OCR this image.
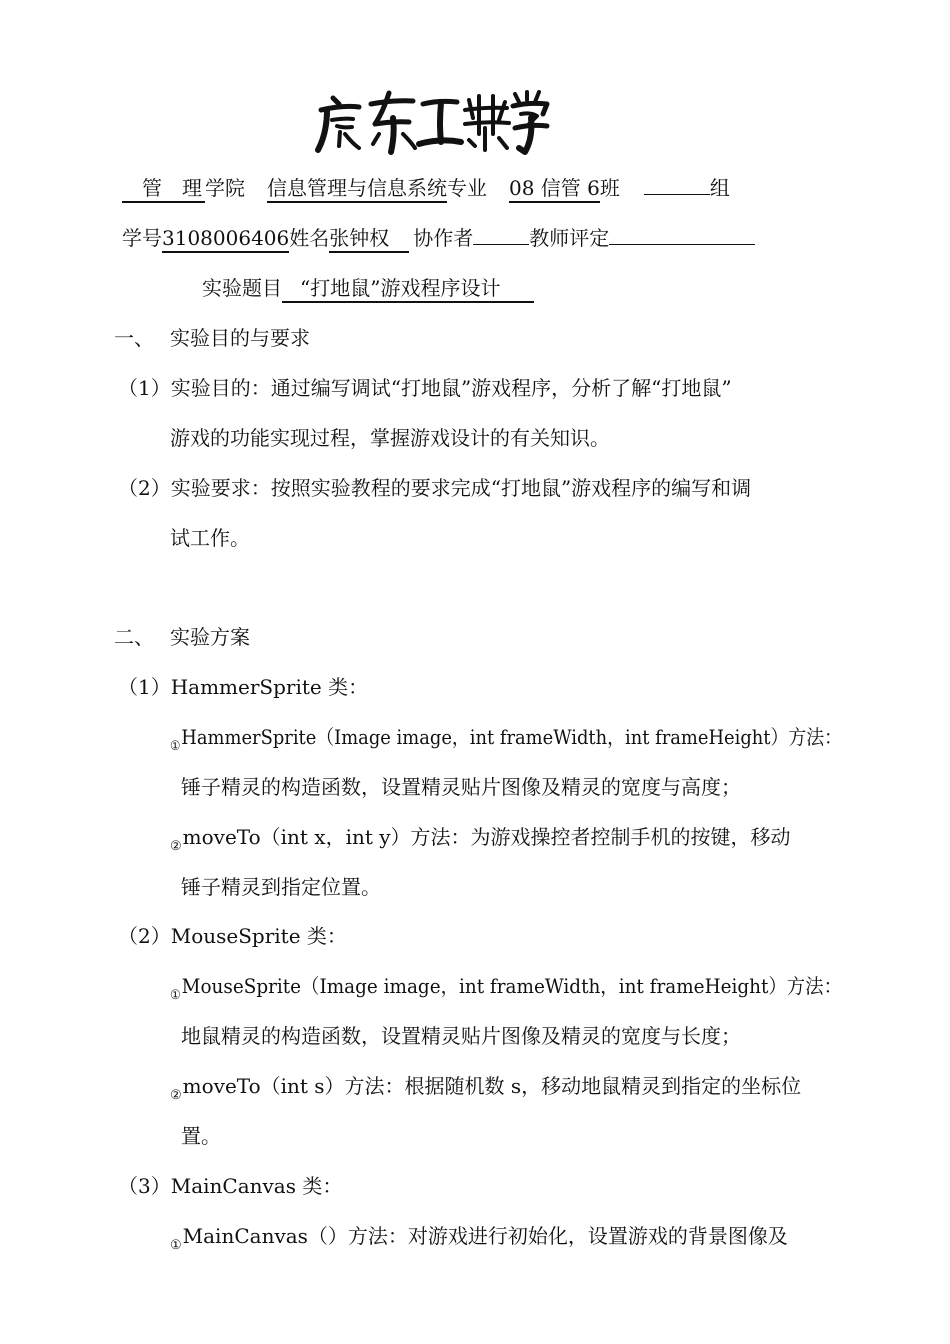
管　理 学院 信息管理与信息系统专业 08 信管 6班	组
学号3108006406姓名张钟权 协作者	教师评定
实验题目 “打地鼠”游戏程序设计
一、 实验目的与要求
（1）实验目的：通过编写调试“打地鼠”游戏程序，分析了解“打地鼠”
游戏的功能实现过程，掌握游戏设计的有关知识。
（2）实验要求：按照实验教程的要求完成“打地鼠”游戏程序的编写和调
试工作。
二、 实验方案
（1）HammerSprite 类：
$_①$HammerSprite（Image image，int frameWidth，int frameHeight）方法：
锤子精灵的构造函数，设置精灵贴片图像及精灵的宽度与高度；
$_②$moveTo（int x，int y）方法：为游戏操控者控制手机的按键，移动
锤子精灵到指定位置。
（2）MouseSprite 类：
$_①$MouseSprite（Image image，int frameWidth，int frameHeight）方法：
地鼠精灵的构造函数，设置精灵贴片图像及精灵的宽度与长度；
$_②$moveTo（int s）方法：根据随机数 s，移动地鼠精灵到指定的坐标位
置。
（3）MainCanvas 类：
$_①$MainCanvas（）方法：对游戏进行初始化，设置游戏的背景图像及
